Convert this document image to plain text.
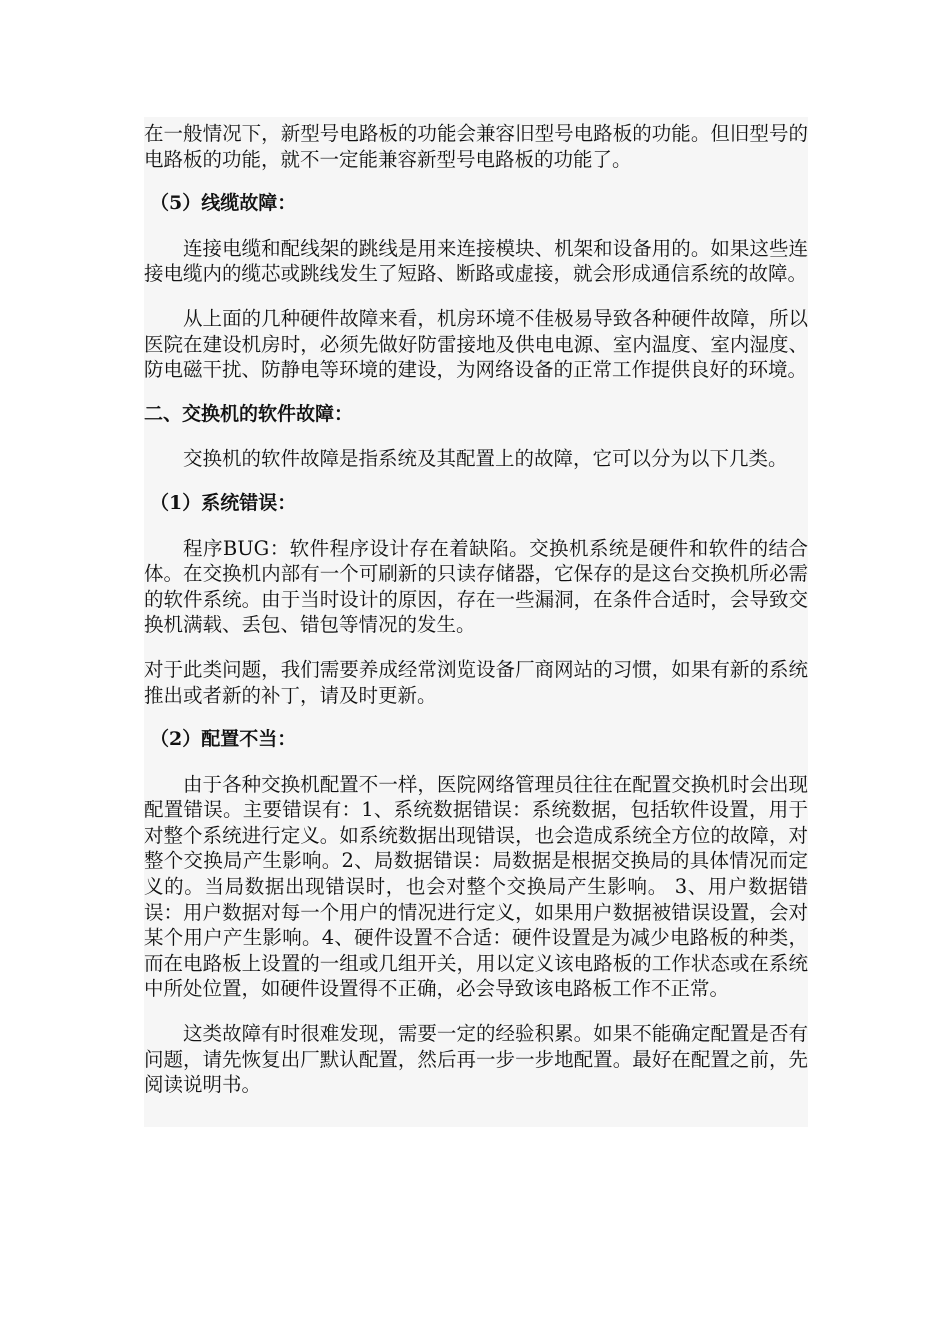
在一般情况下，新型号电路板的功能会兼容旧型号电路板的功能。但旧型号的电路板的功能，就不一定能兼容新型号电路板的功能了。

（5）线缆故障：

连接电缆和配线架的跳线是用来连接模块、机架和设备用的。如果这些连接电缆内的缆芯或跳线发生了短路、断路或虚接，就会形成通信系统的故障。

从上面的几种硬件故障来看，机房环境不佳极易导致各种硬件故障，所以医院在建设机房时，必须先做好防雷接地及供电电源、室内温度、室内湿度、防电磁干扰、防静电等环境的建设，为网络设备的正常工作提供良好的环境。

二、交换机的软件故障：

交换机的软件故障是指系统及其配置上的故障，它可以分为以下几类。

（1）系统错误：

程序BUG：软件程序设计存在着缺陷。交换机系统是硬件和软件的结合体。在交换机内部有一个可刷新的只读存储器，它保存的是这台交换机所必需的软件系统。由于当时设计的原因，存在一些漏洞，在条件合适时，会导致交换机满载、丢包、错包等情况的发生。

对于此类问题，我们需要养成经常浏览设备厂商网站的习惯，如果有新的系统推出或者新的补丁，请及时更新。

（2）配置不当：

由于各种交换机配置不一样，医院网络管理员往往在配置交换机时会出现配置错误。主要错误有：1、系统数据错误：系统数据，包括软件设置，用于对整个系统进行定义。如系统数据出现错误，也会造成系统全方位的故障，对整个交换局产生影响。2、局数据错误：局数据是根据交换局的具体情况而定义的。当局数据出现错误时，也会对整个交换局产生影响。 3、用户数据错误：用户数据对每一个用户的情况进行定义，如果用户数据被错误设置，会对某个用户产生影响。4、硬件设置不合适：硬件设置是为减少电路板的种类，而在电路板上设置的一组或几组开关，用以定义该电路板的工作状态或在系统中所处位置，如硬件设置得不正确，必会导致该电路板工作不正常。

这类故障有时很难发现，需要一定的经验积累。如果不能确定配置是否有问题，请先恢复出厂默认配置，然后再一步一步地配置。最好在配置之前，先阅读说明书。
